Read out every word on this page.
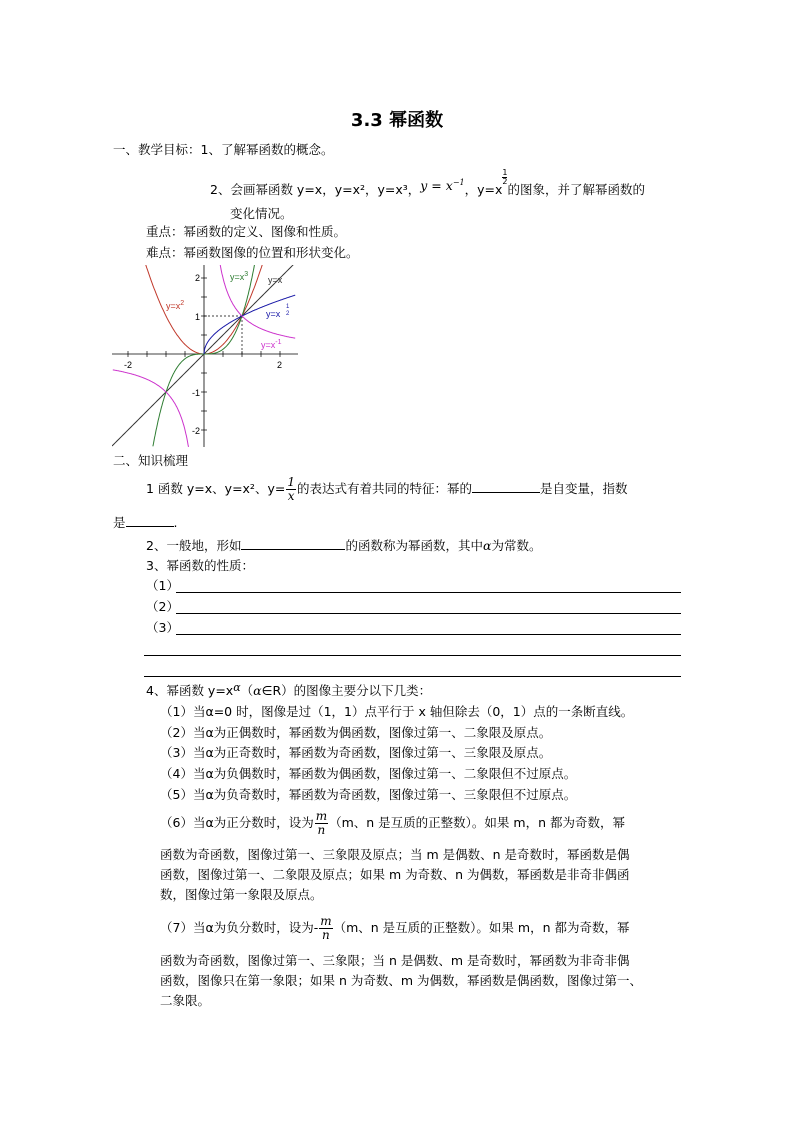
3.3 幂函数
一、教学目标：1、了解幂函数的概念。
2、会画幂函数 y=x，y=x²，y=x³，$y = x^{-1}$，y=x
$\frac{1}{2}$
的图象，并了解幂函数的
变化情况。
重点：幂函数的定义、图像和性质。
难点：幂函数图像的位置和形状变化。
-2	2
2
1
-1
-2
$y=x^2$
$y=x^3$
y=x
y=x1 2
$y=x^{-1}$
二、知识梳理
1 函数 y=x、y=x²、$y= \frac{1}{x}$ 的表达式有着共同的特征：幂的	是自变量，指数
是	.
2、一般地，形如	的函数称为幂函数，其中α为常数。
3、幂函数的性质：
（1）
（2）
（3）
4、幂函数 y=xα（α∈R）的图像主要分以下几类：
（1）当α=0 时，图像是过（1，1）点平行于 x 轴但除去（0，1）点的一条断直线。
（2）当α为正偶数时，幂函数为偶函数，图像过第一、二象限及原点。
（3）当α为正奇数时，幂函数为奇函数，图像过第一、三象限及原点。
（4）当α为负偶数时，幂函数为偶函数，图像过第一、二象限但不过原点。
（5）当α为负奇数时，幂函数为奇函数，图像过第一、三象限但不过原点。
（6）当α为正分数时，设为 $\frac{m}{n} (m$、n 是互质的正整数）。如果 m，n 都为奇数，幂
函数为奇函数，图像过第一、三象限及原点；当 m 是偶数、n 是奇数时，幂函数是偶
函数，图像过第一、二象限及原点；如果 m 为奇数、n 为偶数，幂函数是非奇非偶函
数，图像过第一象限及原点。
（7）当α为负分数时，设为- $\frac{m}{n} (m$、n 是互质的正整数）。如果 m，n 都为奇数，幂
函数为奇函数，图像过第一、三象限；当 n 是偶数、m 是奇数时，幂函数为非奇非偶
函数，图像只在第一象限；如果 n 为奇数、m 为偶数，幂函数是偶函数，图像过第一、
二象限。
